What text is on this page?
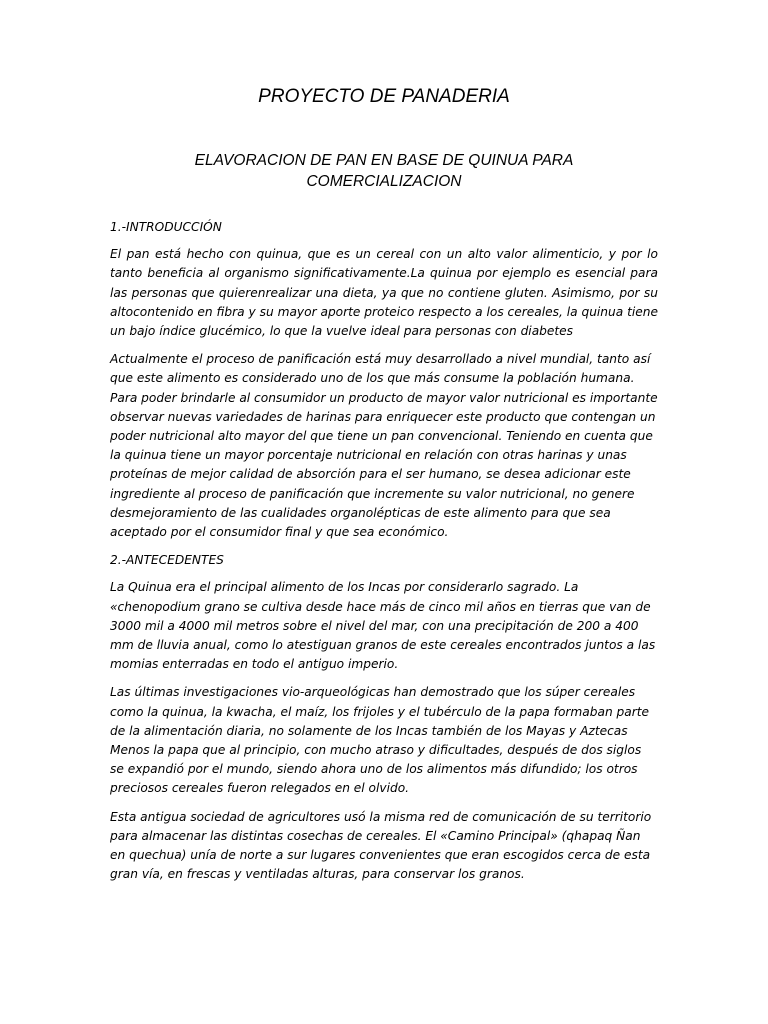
PROYECTO DE PANADERIA
ELAVORACION DE PAN EN BASE DE QUINUA PARA COMERCIALIZACION
1.-INTRODUCCIÓN

El pan está hecho con quinua, que es un cereal con un alto valor alimenticio, y por lo tanto beneficia al organismo significativamente.La quinua por ejemplo es esencial para las personas que quierenrealizar una dieta, ya que no contiene gluten. Asimismo, por su altocontenido en fibra y su mayor aporte proteico respecto a los cereales, la quinua tiene un bajo índice glucémico, lo que la vuelve ideal para personas con diabetes

Actualmente el proceso de panificación está muy desarrollado a nivel mundial, tanto así que este alimento es considerado uno de los que más consume la población humana. Para poder brindarle al consumidor un producto de mayor valor nutricional es importante observar nuevas variedades de harinas para enriquecer este producto que contengan un poder nutricional alto mayor del que tiene un pan convencional. Teniendo en cuenta que la quinua tiene un mayor porcentaje nutricional en relación con otras harinas y unas proteínas de mejor calidad de absorción para el ser humano, se desea adicionar este ingrediente al proceso de panificación que incremente su valor nutricional, no genere desmejoramiento de las cualidades organolépticas de este alimento para que sea aceptado por el consumidor final y que sea económico.

2.-ANTECEDENTES

La Quinua era el principal alimento de los Incas por considerarlo sagrado. La «chenopodium grano se cultiva desde hace más de cinco mil años en tierras que van de 3000 mil a 4000 mil metros sobre el nivel del mar, con una precipitación de 200 a 400 mm de lluvia anual, como lo atestiguan granos de este cereales encontrados juntos a las momias enterradas en todo el antiguo imperio.

Las últimas investigaciones vio-arqueológicas han demostrado que los súper cereales como la quinua, la kwacha, el maíz, los frijoles y el tubérculo de la papa formaban parte de la alimentación diaria, no solamente de los Incas también de los Mayas y Aztecas Menos la papa que al principio, con mucho atraso y dificultades, después de dos siglos se expandió por el mundo, siendo ahora uno de los alimentos más difundido; los otros preciosos cereales fueron relegados en el olvido.

Esta antigua sociedad de agricultores usó la misma red de comunicación de su territorio para almacenar las distintas cosechas de cereales. El «Camino Principal» (qhapaq Ñan en quechua) unía de norte a sur lugares convenientes que eran escogidos cerca de esta gran vía, en frescas y ventiladas alturas, para conservar los granos.
